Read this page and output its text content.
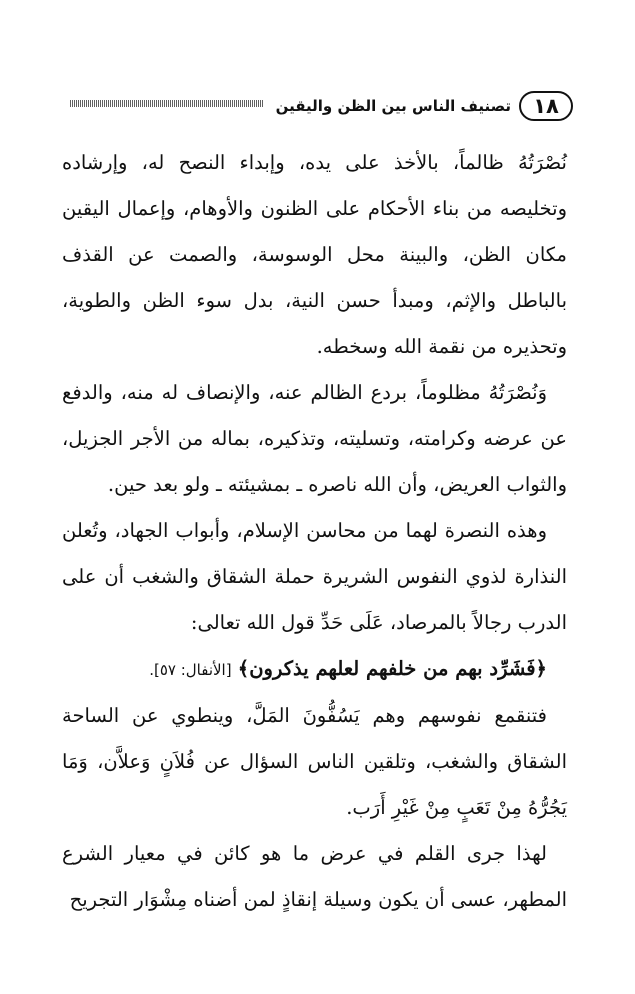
١٨
تصنيف الناس بين الظن واليقين

نُصْرَتُهُ ظالماً، بالأخذ على يده، وإبداء النصح له، وإرشاده وتخليصه من بناء الأحكام على الظنون والأوهام، وإعمال اليقين مكان الظن، والبينة محل الوسوسة، والصمت عن القذف بالباطل والإثم، ومبدأ حسن النية، بدل سوء الظن والطوية، وتحذيره من نقمة الله وسخطه.

وَنُصْرَتُهُ مظلوماً، بردع الظالم عنه، والإنصاف له منه، والدفع عن عرضه وكرامته، وتسليته، وتذكيره، بماله من الأجر الجزيل، والثواب العريض، وأن الله ناصره ـ بمشيئته ـ ولو بعد حين.

وهذه النصرة لهما من محاسن الإسلام، وأبواب الجهاد، وتُعلن النذارة لذوي النفوس الشريرة حملة الشقاق والشغب أن على الدرب رجالاً بالمرصاد، عَلَى حَدِّ قول الله تعالى:

﴿فَشَرِّد بهم من خلفهم لعلهم يذكرون﴾ [الأنفال: ٥٧].

فتنقمع نفوسهم وهم يَسُفُّونَ المَلَّ، وينطوي عن الساحة الشقاق والشغب، وتلقين الناس السؤال عن فُلاَنٍ وَعلاَّن، وَمَا يَجُرُّهُ مِنْ تَعَبٍ مِنْ غَيْرِ أَرَب.

لهذا جرى القلم في عرض ما هو كائن في معيار الشرع المطهر، عسى أن يكون وسيلة إنقاذٍ لمن أضناه مِشْوَار التجريح
